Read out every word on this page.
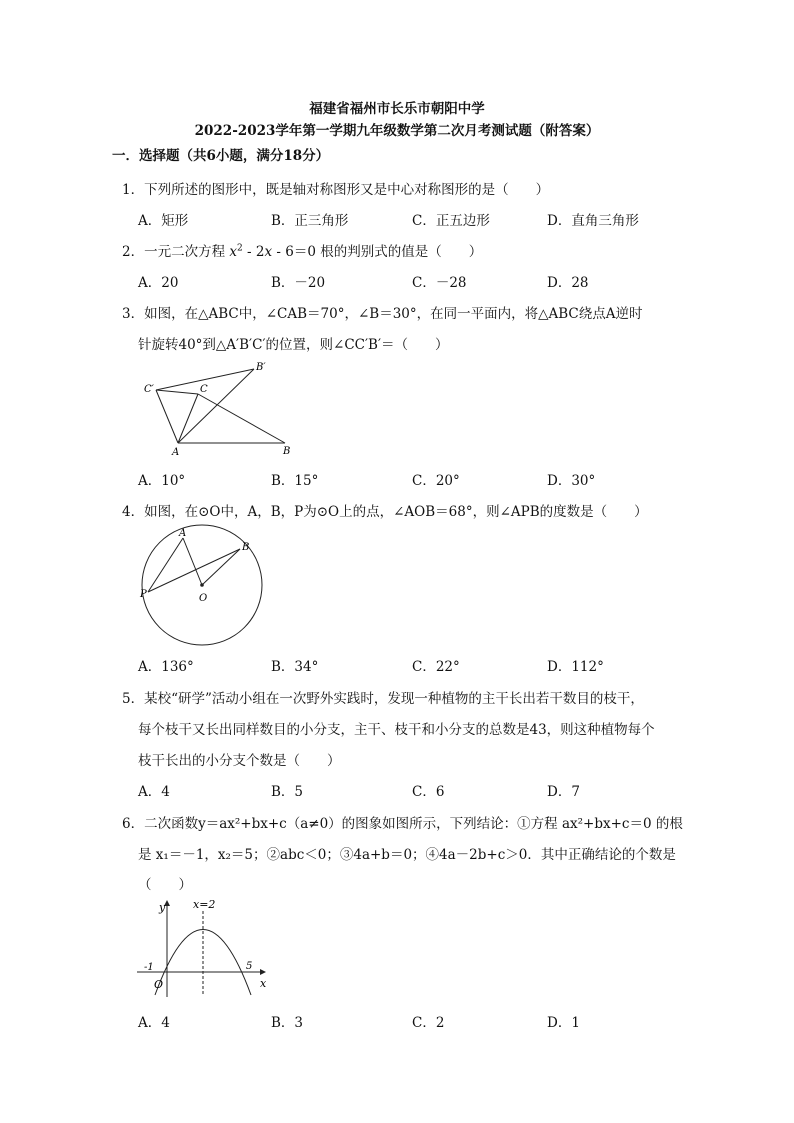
福建省福州市长乐市朝阳中学
2022-2023学年第一学期九年级数学第二次月考测试题（附答案）
一．选择题（共6小题，满分18分）
1．下列所述的图形中，既是轴对称图形又是中心对称图形的是（　　）
A．矩形	B．正三角形	C．正五边形	D．直角三角形
2．一元二次方程 $x^2 - 2x - 6=0$ 根的判别式的值是（　　）
A．20	B．－20	C．－28	D．28
3．如图，在△ABC中，∠CAB＝70°，∠B＝30°，在同一平面内，将△ABC绕点A逆时
针旋转40°到△A′B′C′的位置，则∠CC′B′＝（　　）
A	B
C
C′
B′
A．10°	B．15°	C．20°	D．30°
4．如图，在⊙O中，A，B，P为⊙O上的点，∠AOB＝68°，则∠APB的度数是（　　）
A
B
P	O
A．136°	B．34°	C．22°	D．112°
5．某校“研学”活动小组在一次野外实践时，发现一种植物的主干长出若干数目的枝干，
每个枝干又长出同样数目的小分支，主干、枝干和小分支的总数是43，则这种植物每个
枝干长出的小分支个数是（　　）
A．4	B．5	C．6	D．7
6．二次函数y＝ax²+bx+c（a≠0）的图象如图所示，下列结论：①方程 ax²+bx+c＝0 的根
是 x₁＝－1，x₂＝5；②abc＜0；③4a+b＝0；④4a－2b+c＞0．其中正确结论的个数是
（　　）
y
x
x=2
-1	5
O
A．4	B．3	C．2	D．1
